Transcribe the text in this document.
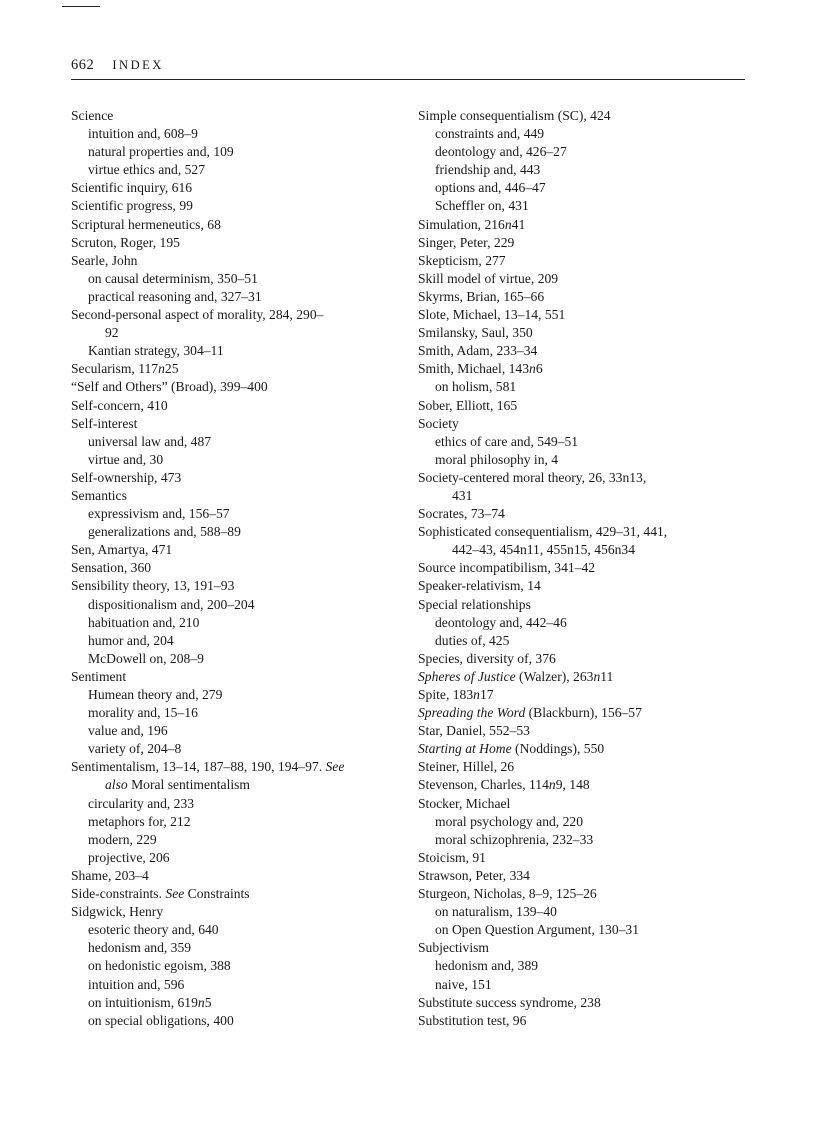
662 INDEX
Science
intuition and, 608–9
natural properties and, 109
virtue ethics and, 527
Scientific inquiry, 616
Scientific progress, 99
Scriptural hermeneutics, 68
Scruton, Roger, 195
Searle, John
on causal determinism, 350–51
practical reasoning and, 327–31
Second-personal aspect of morality, 284, 290–
92
Kantian strategy, 304–11
Secularism, 117n25
“Self and Others” (Broad), 399–400
Self-concern, 410
Self-interest
universal law and, 487
virtue and, 30
Self-ownership, 473
Semantics
expressivism and, 156–57
generalizations and, 588–89
Sen, Amartya, 471
Sensation, 360
Sensibility theory, 13, 191–93
dispositionalism and, 200–204
habituation and, 210
humor and, 204
McDowell on, 208–9
Sentiment
Humean theory and, 279
morality and, 15–16
value and, 196
variety of, 204–8
Sentimentalism, 13–14, 187–88, 190, 194–97. See
also Moral sentimentalism
circularity and, 233
metaphors for, 212
modern, 229
projective, 206
Shame, 203–4
Side-constraints. See Constraints
Sidgwick, Henry
esoteric theory and, 640
hedonism and, 359
on hedonistic egoism, 388
intuition and, 596
on intuitionism, 619n5
on special obligations, 400
Simple consequentialism (SC), 424
constraints and, 449
deontology and, 426–27
friendship and, 443
options and, 446–47
Scheffler on, 431
Simulation, 216n41
Singer, Peter, 229
Skepticism, 277
Skill model of virtue, 209
Skyrms, Brian, 165–66
Slote, Michael, 13–14, 551
Smilansky, Saul, 350
Smith, Adam, 233–34
Smith, Michael, 143n6
on holism, 581
Sober, Elliott, 165
Society
ethics of care and, 549–51
moral philosophy in, 4
Society-centered moral theory, 26, 33n13,
431
Socrates, 73–74
Sophisticated consequentialism, 429–31, 441,
442–43, 454n11, 455n15, 456n34
Source incompatibilism, 341–42
Speaker-relativism, 14
Special relationships
deontology and, 442–46
duties of, 425
Species, diversity of, 376
Spheres of Justice (Walzer), 263n11
Spite, 183n17
Spreading the Word (Blackburn), 156–57
Star, Daniel, 552–53
Starting at Home (Noddings), 550
Steiner, Hillel, 26
Stevenson, Charles, 114n9, 148
Stocker, Michael
moral psychology and, 220
moral schizophrenia, 232–33
Stoicism, 91
Strawson, Peter, 334
Sturgeon, Nicholas, 8–9, 125–26
on naturalism, 139–40
on Open Question Argument, 130–31
Subjectivism
hedonism and, 389
naive, 151
Substitute success syndrome, 238
Substitution test, 96
